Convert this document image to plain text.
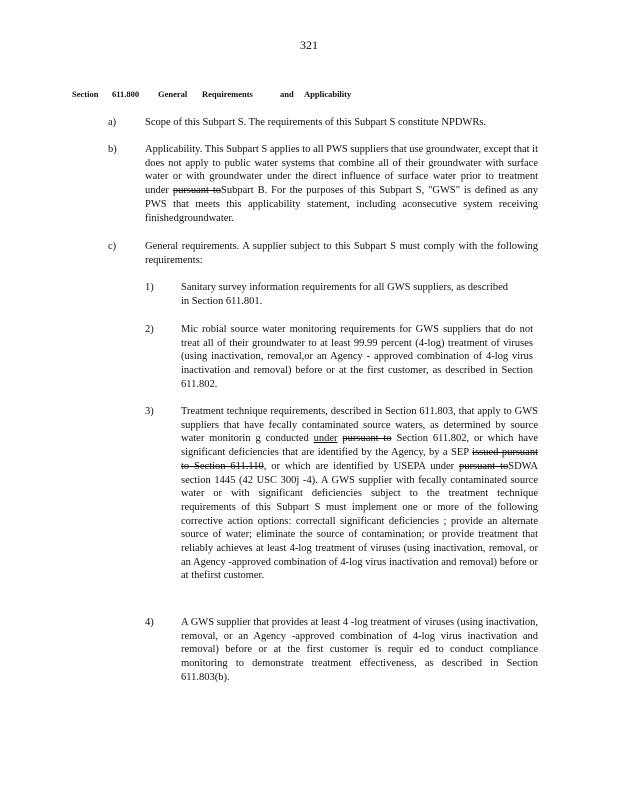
321
Section	611.800	General	Requirements	and Applicability
a)	Scope of this Subpart S. The requirements of this Subpart S constitute NPDWRs.
b)	Applicability. This Subpart S applies to all PWS suppliers that use groundwater, except that it does not apply to public water systems that combine all of their groundwater with surface water or with groundwater under the direct influence of surface water prior to treatment under pursuant toSubpart B. For the purposes of this Subpart S, "GWS" is defined as any PWS that meets this applicability statement, including aconsecutive system receiving finishedgroundwater.
c)	General requirements. A supplier subject to this Subpart S must comply with the following requirements:
1)	Sanitary survey information requirements for all GWS suppliers, as described in Section 611.801.
2)	Mic robial source water monitoring requirements for GWS suppliers that do not treat all of their groundwater to at least 99.99 percent (4-log) treatment of viruses (using inactivation, removal,or an Agency - approved combination of 4-log virus inactivation and removal) before or at the first customer, as described in Section 611.802.
3)	Treatment technique requirements, described in Section 611.803, that apply to GWS suppliers that have fecally contaminated source waters, as determined by source water monitorin g conducted under pursuant to Section 611.802, or which have significant deficiencies that are identified by the Agency, by a SEP issued pursuant to Section 611.110, or which are identified by USEPA under pursuant toSDWA section 1445 (42 USC 300j -4). A GWS supplier with fecally contaminated source water or with significant deficiencies subject to the treatment technique requirements of this Subpart S must implement one or more of the following corrective action options: correctall significant deficiencies ; provide an alternate source of water; eliminate the source of contamination; or provide treatment that reliably achieves at least 4-log treatment of viruses (using inactivation, removal, or an Agency -approved combination of 4-log virus inactivation and removal) before or at thefirst customer.
4)	A GWS supplier that provides at least 4 -log treatment of viruses (using inactivation, removal, or an Agency -approved combination of 4-log virus inactivation and removal) before or at the first customer is requir ed to conduct compliance monitoring to demonstrate treatment effectiveness, as described in Section 611.803(b).
